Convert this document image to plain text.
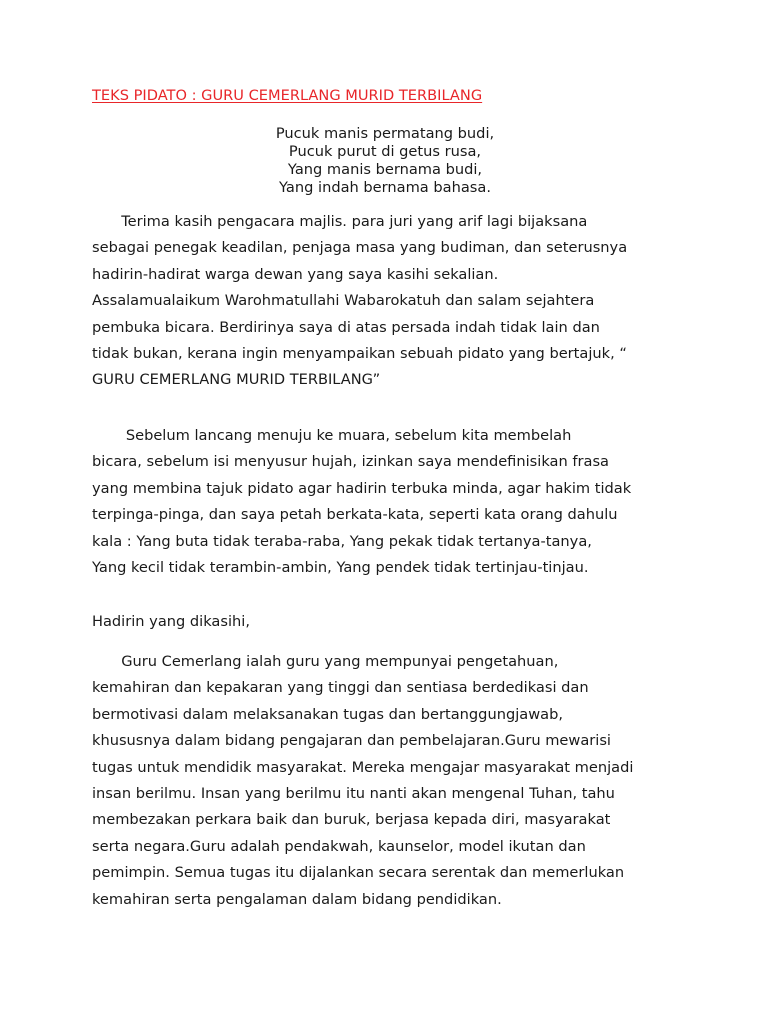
TEKS PIDATO : GURU CEMERLANG MURID TERBILANG
Pucuk manis permatang budi,
Pucuk purut di getus rusa,
Yang manis bernama budi,
Yang indah bernama bahasa.
  Terima kasih pengacara majlis. para juri yang arif lagi bijaksana
sebagai penegak keadilan, penjaga masa yang budiman, dan seterusnya
hadirin-hadirat warga dewan yang saya kasihi sekalian.
Assalamualaikum Warohmatullahi Wabarokatuh dan salam sejahtera
pembuka bicara. Berdirinya saya di atas persada indah tidak lain dan
tidak bukan, kerana ingin menyampaikan sebuah pidato yang bertajuk, “
GURU CEMERLANG MURID TERBILANG”
   Sebelum lancang menuju ke muara, sebelum kita membelah
bicara, sebelum isi menyusur hujah, izinkan saya mendefinisikan frasa
yang membina tajuk pidato agar hadirin terbuka minda, agar hakim tidak
terpinga-pinga, dan saya petah berkata-kata, seperti kata orang dahulu
kala : Yang buta tidak teraba-raba, Yang pekak tidak tertanya-tanya,
Yang kecil tidak terambin-ambin, Yang pendek tidak tertinjau-tinjau.
Hadirin yang dikasihi,
  Guru Cemerlang ialah guru yang mempunyai pengetahuan,
kemahiran dan kepakaran yang tinggi dan sentiasa berdedikasi dan
bermotivasi dalam melaksanakan tugas dan bertanggungjawab,
khususnya dalam bidang pengajaran dan pembelajaran.Guru mewarisi
tugas untuk mendidik masyarakat. Mereka mengajar masyarakat menjadi
insan berilmu. Insan yang berilmu itu nanti akan mengenal Tuhan, tahu
membezakan perkara baik dan buruk, berjasa kepada diri, masyarakat
serta negara.Guru adalah pendakwah, kaunselor, model ikutan dan
pemimpin. Semua tugas itu dijalankan secara serentak dan memerlukan
kemahiran serta pengalaman dalam bidang pendidikan.
